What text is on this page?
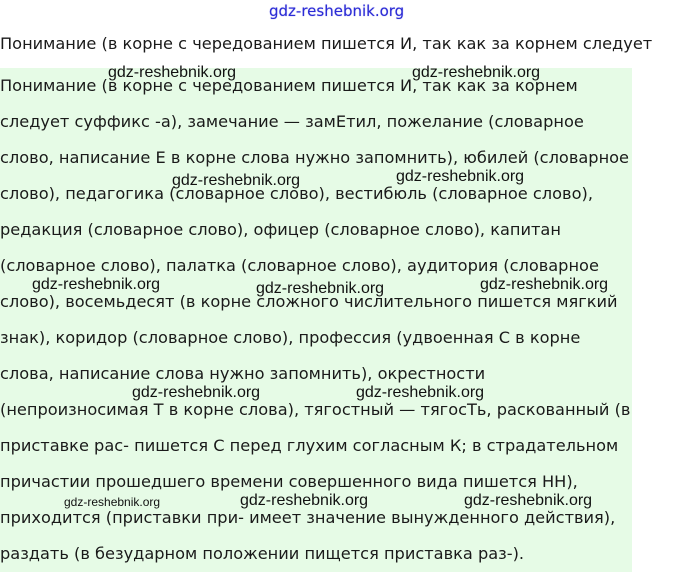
gdz-reshebnik.org
Понимание (в корне с чередованием пишется И, так как за корнем следует
Понимание (в корне с чередованием пишется И, так как за корнем
следует суффикс -а), замечание — замЕтил, пожелание (словарное
слово, написание Е в корне слова нужно запомнить), юбилей (словарное
слово), педагогика (словарное слово), вестибюль (словарное слово),
редакция (словарное слово), офицер (словарное слово), капитан
(словарное слово), палатка (словарное слово), аудитория (словарное
слово), восемьдесят (в корне сложного числительного пишется мягкий
знак), коридор (словарное слово), профессия (удвоенная С в корне
слова, написание слова нужно запомнить), окрестности
(непроизносимая Т в корне слова), тягостный — тягосТь, раскованный (в
приставке рас- пишется С перед глухим согласным К; в страдательном
причастии прошедшего времени совершенного вида пишется НН),
приходится (приставки при- имеет значение вынужденного действия),
раздать (в безударном положении пищется приставка раз-).
gdz-reshebnik.org	gdz-reshebnik.org
gdz-reshebnik.org	gdz-reshebnik.org
gdz-reshebnik.org	gdz-reshebnik.org	gdz-reshebnik.org
gdz-reshebnik.org	gdz-reshebnik.org
gdz-reshebnik.org	gdz-reshebnik.org	gdz-reshebnik.org
